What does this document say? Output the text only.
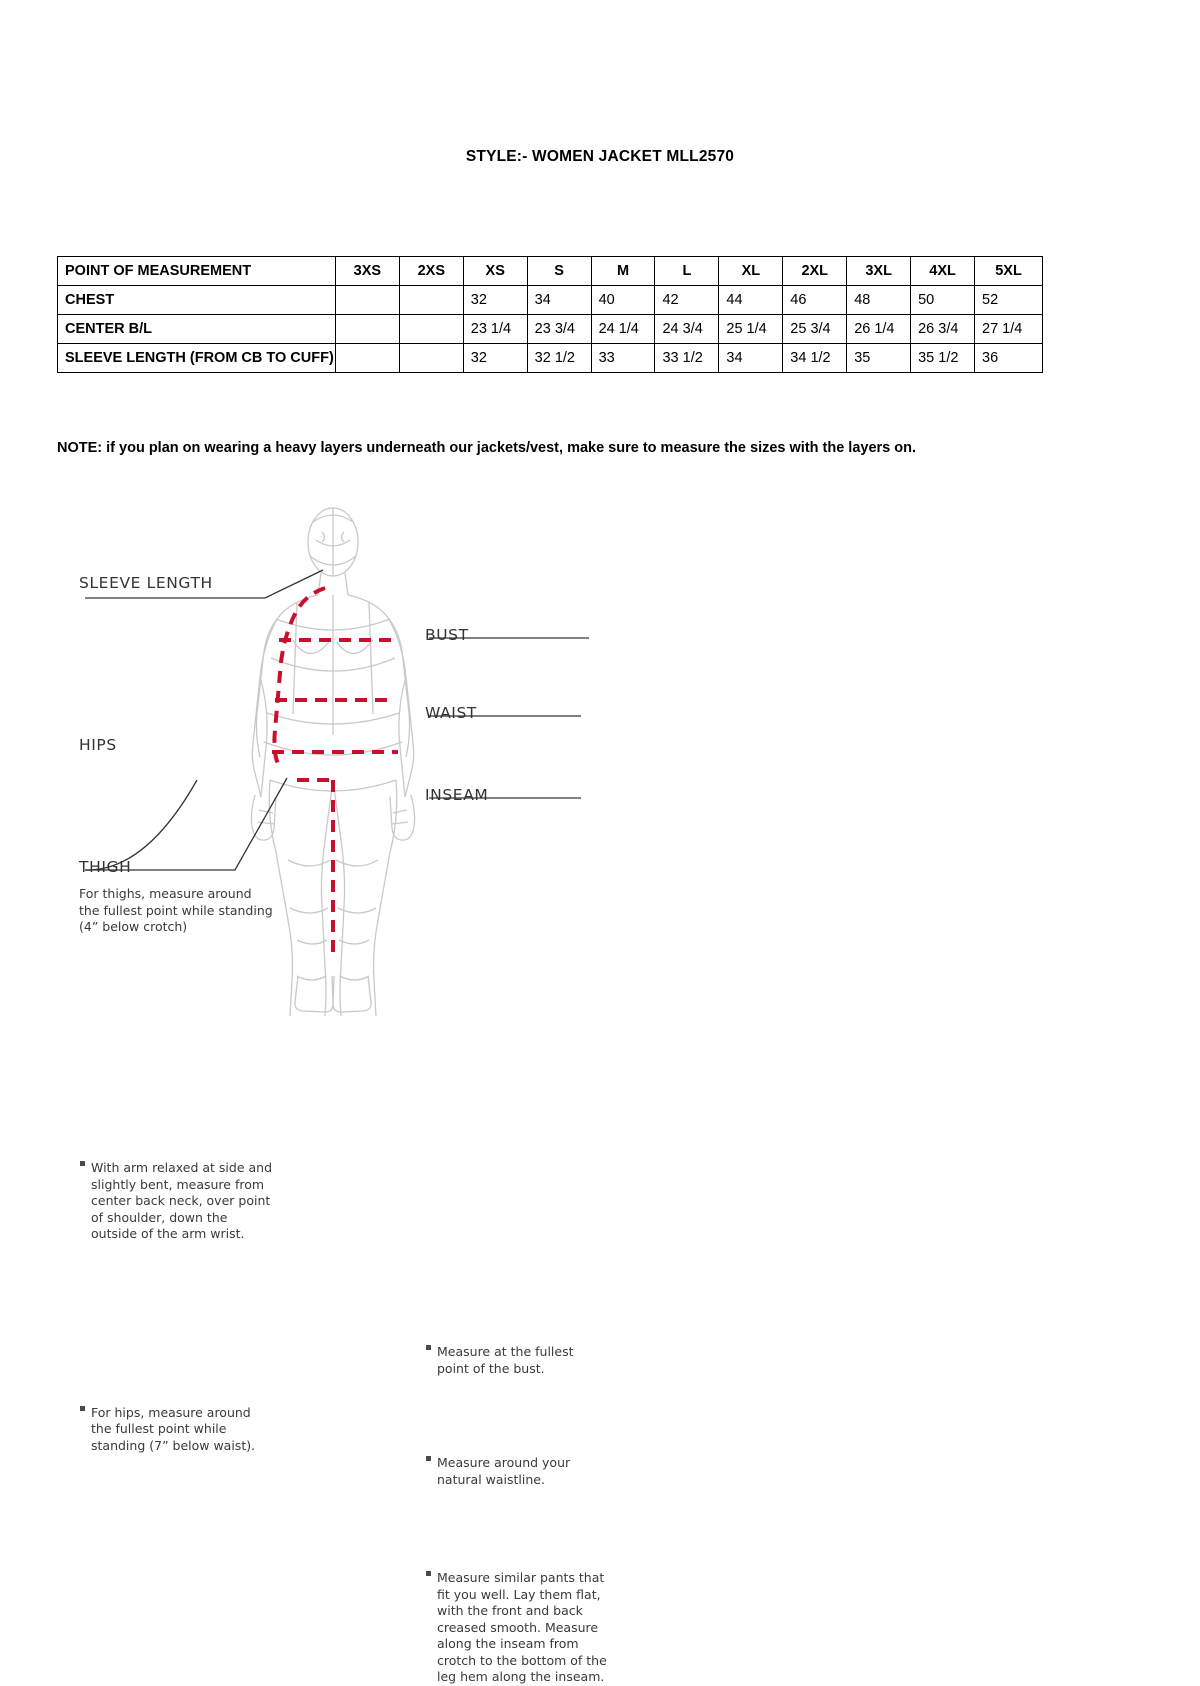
STYLE:- WOMEN JACKET MLL2570
POINT OF MEASUREMENT	3XS	2XS	XS	S	M	L	XL	2XL	3XL	4XL	5XL
CHEST			32	34	40	42	44	46	48	50	52
CENTER B/L			23 1/4	23 3/4	24 1/4	24 3/4	25 1/4	25 3/4	26 1/4	26 3/4	27 1/4
SLEEVE LENGTH (FROM CB TO CUFF)			32	32 1/2	33	33 1/2	34	34 1/2	35	35 1/2	36
NOTE: if you plan on wearing a heavy layers underneath our jackets/vest, make sure to measure the sizes with the layers on.
SLEEVE LENGTH
With arm relaxed at side and slightly bent, measure from center back neck, over point of shoulder, down the outside of the arm wrist.
HIPS
For hips, measure around the fullest point while standing (7” below waist).
THIGH
For thighs, measure around the fullest point while standing (4” below crotch)
BUST
Measure at the fullest point of the bust.
WAIST
Measure around your natural waistline.
INSEAM
Measure similar pants that fit you well. Lay them flat, with the front and back creased smooth. Measure along the inseam from crotch to the bottom of the leg hem along the inseam.
